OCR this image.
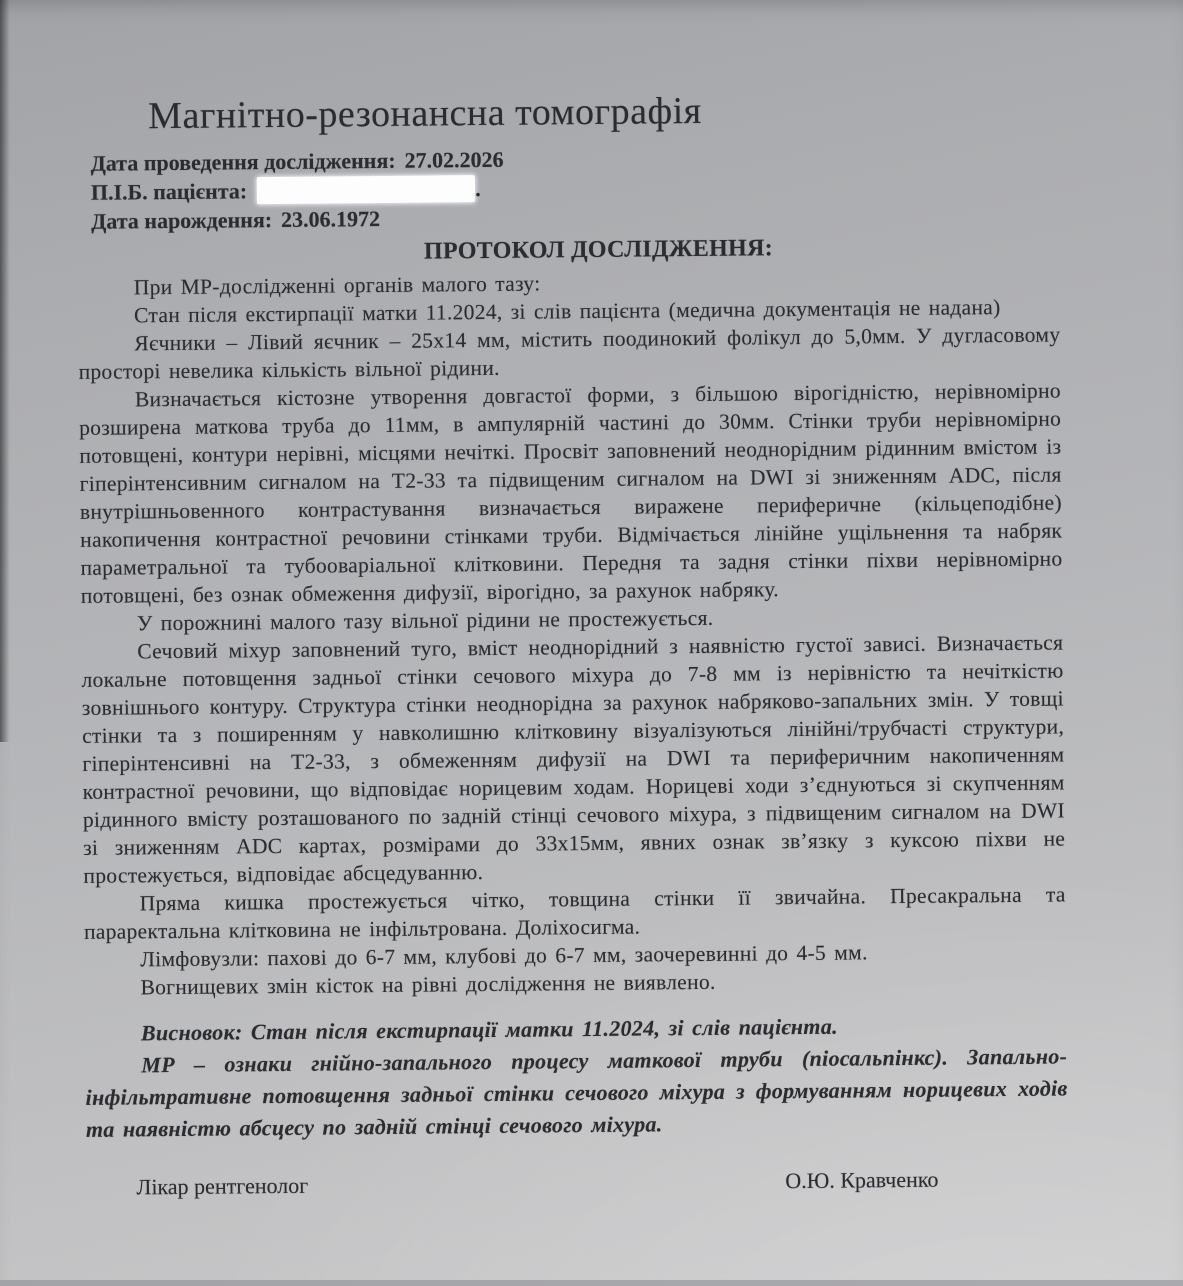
Магнітно-резонансна томографія
Дата проведення дослідження: 27.02.2026
П.І.Б. пацієнта:	.
Дата нарождення: 23.06.1972
ПРОТОКОЛ ДОСЛІДЖЕННЯ:

При МР-дослідженні органів малого тазу:

Стан після екстирпації матки 11.2024, зі слів пацієнта (медична документація не надана)

Яєчники – Лівий яєчник – 25х14 мм, містить поодинокий фолікул до 5,0мм. У дугласовому просторі невелика кількість вільної рідини.

Визначається кістозне утворення довгастої форми, з більшою вірогідністю, нерівномірно розширена маткова труба до 11мм, в ампулярній частині до 30мм. Стінки труби нерівномірно потовщені, контури нерівні, місцями нечіткі. Просвіт заповнений неоднорідним рідинним вмістом із гіперінтенсивним сигналом на Т2-33 та підвищеним сигналом на DWI зі зниженням ADC, після внутрішньовенного контрастування визначається виражене периферичне (кільцеподібне) накопичення контрастної речовини стінками труби. Відмічається лінійне ущільнення та набряк параметральної та тубооваріальної клітковини. Передня та задня стінки піхви нерівномірно потовщені, без ознак обмеження дифузії, вірогідно, за рахунок набряку.

У порожнині малого тазу вільної рідини не простежується.

Сечовий міхур заповнений туго, вміст неоднорідний з наявністю густої зависі. Визначається локальне потовщення задньої стінки сечового міхура до 7-8 мм із нерівністю та нечіткістю зовнішнього контуру. Структура стінки неоднорідна за рахунок набряково-запальних змін. У товщі стінки та з поширенням у навколишню клітковину візуалізуються лінійні/трубчасті структури, гіперінтенсивні на Т2-33, з обмеженням дифузії на DWI та периферичним накопиченням контрастної речовини, що відповідає норицевим ходам. Норицеві ходи з’єднуються зі скупченням рідинного вмісту розташованого по задній стінці сечового міхура, з підвищеним сигналом на DWI зі зниженням ADC картах, розмірами до 33х15мм, явних ознак зв’язку з куксою піхви не простежується, відповідає абсцедуванню.

Пряма кишка простежується чітко, товщина стінки її звичайна. Пресакральна та параректальна клітковина не інфільтрована. Доліхосигма.

Лімфовузли: пахові до 6-7 мм, клубові до 6-7 мм, заочеревинні до 4-5 мм.

Вогнищевих змін кісток на рівні дослідження не виявлено.

Висновок: Стан після екстирпації матки 11.2024, зі слів пацієнта.

МР – ознаки гнійно-запального процесу маткової труби (піосальпінкс). Запально-інфільтративне потовщення задньої стінки сечового міхура з формуванням норицевих ходів та наявністю абсцесу по задній стінці сечового міхура.

Лікар рентгенолог	О.Ю. Кравченко
